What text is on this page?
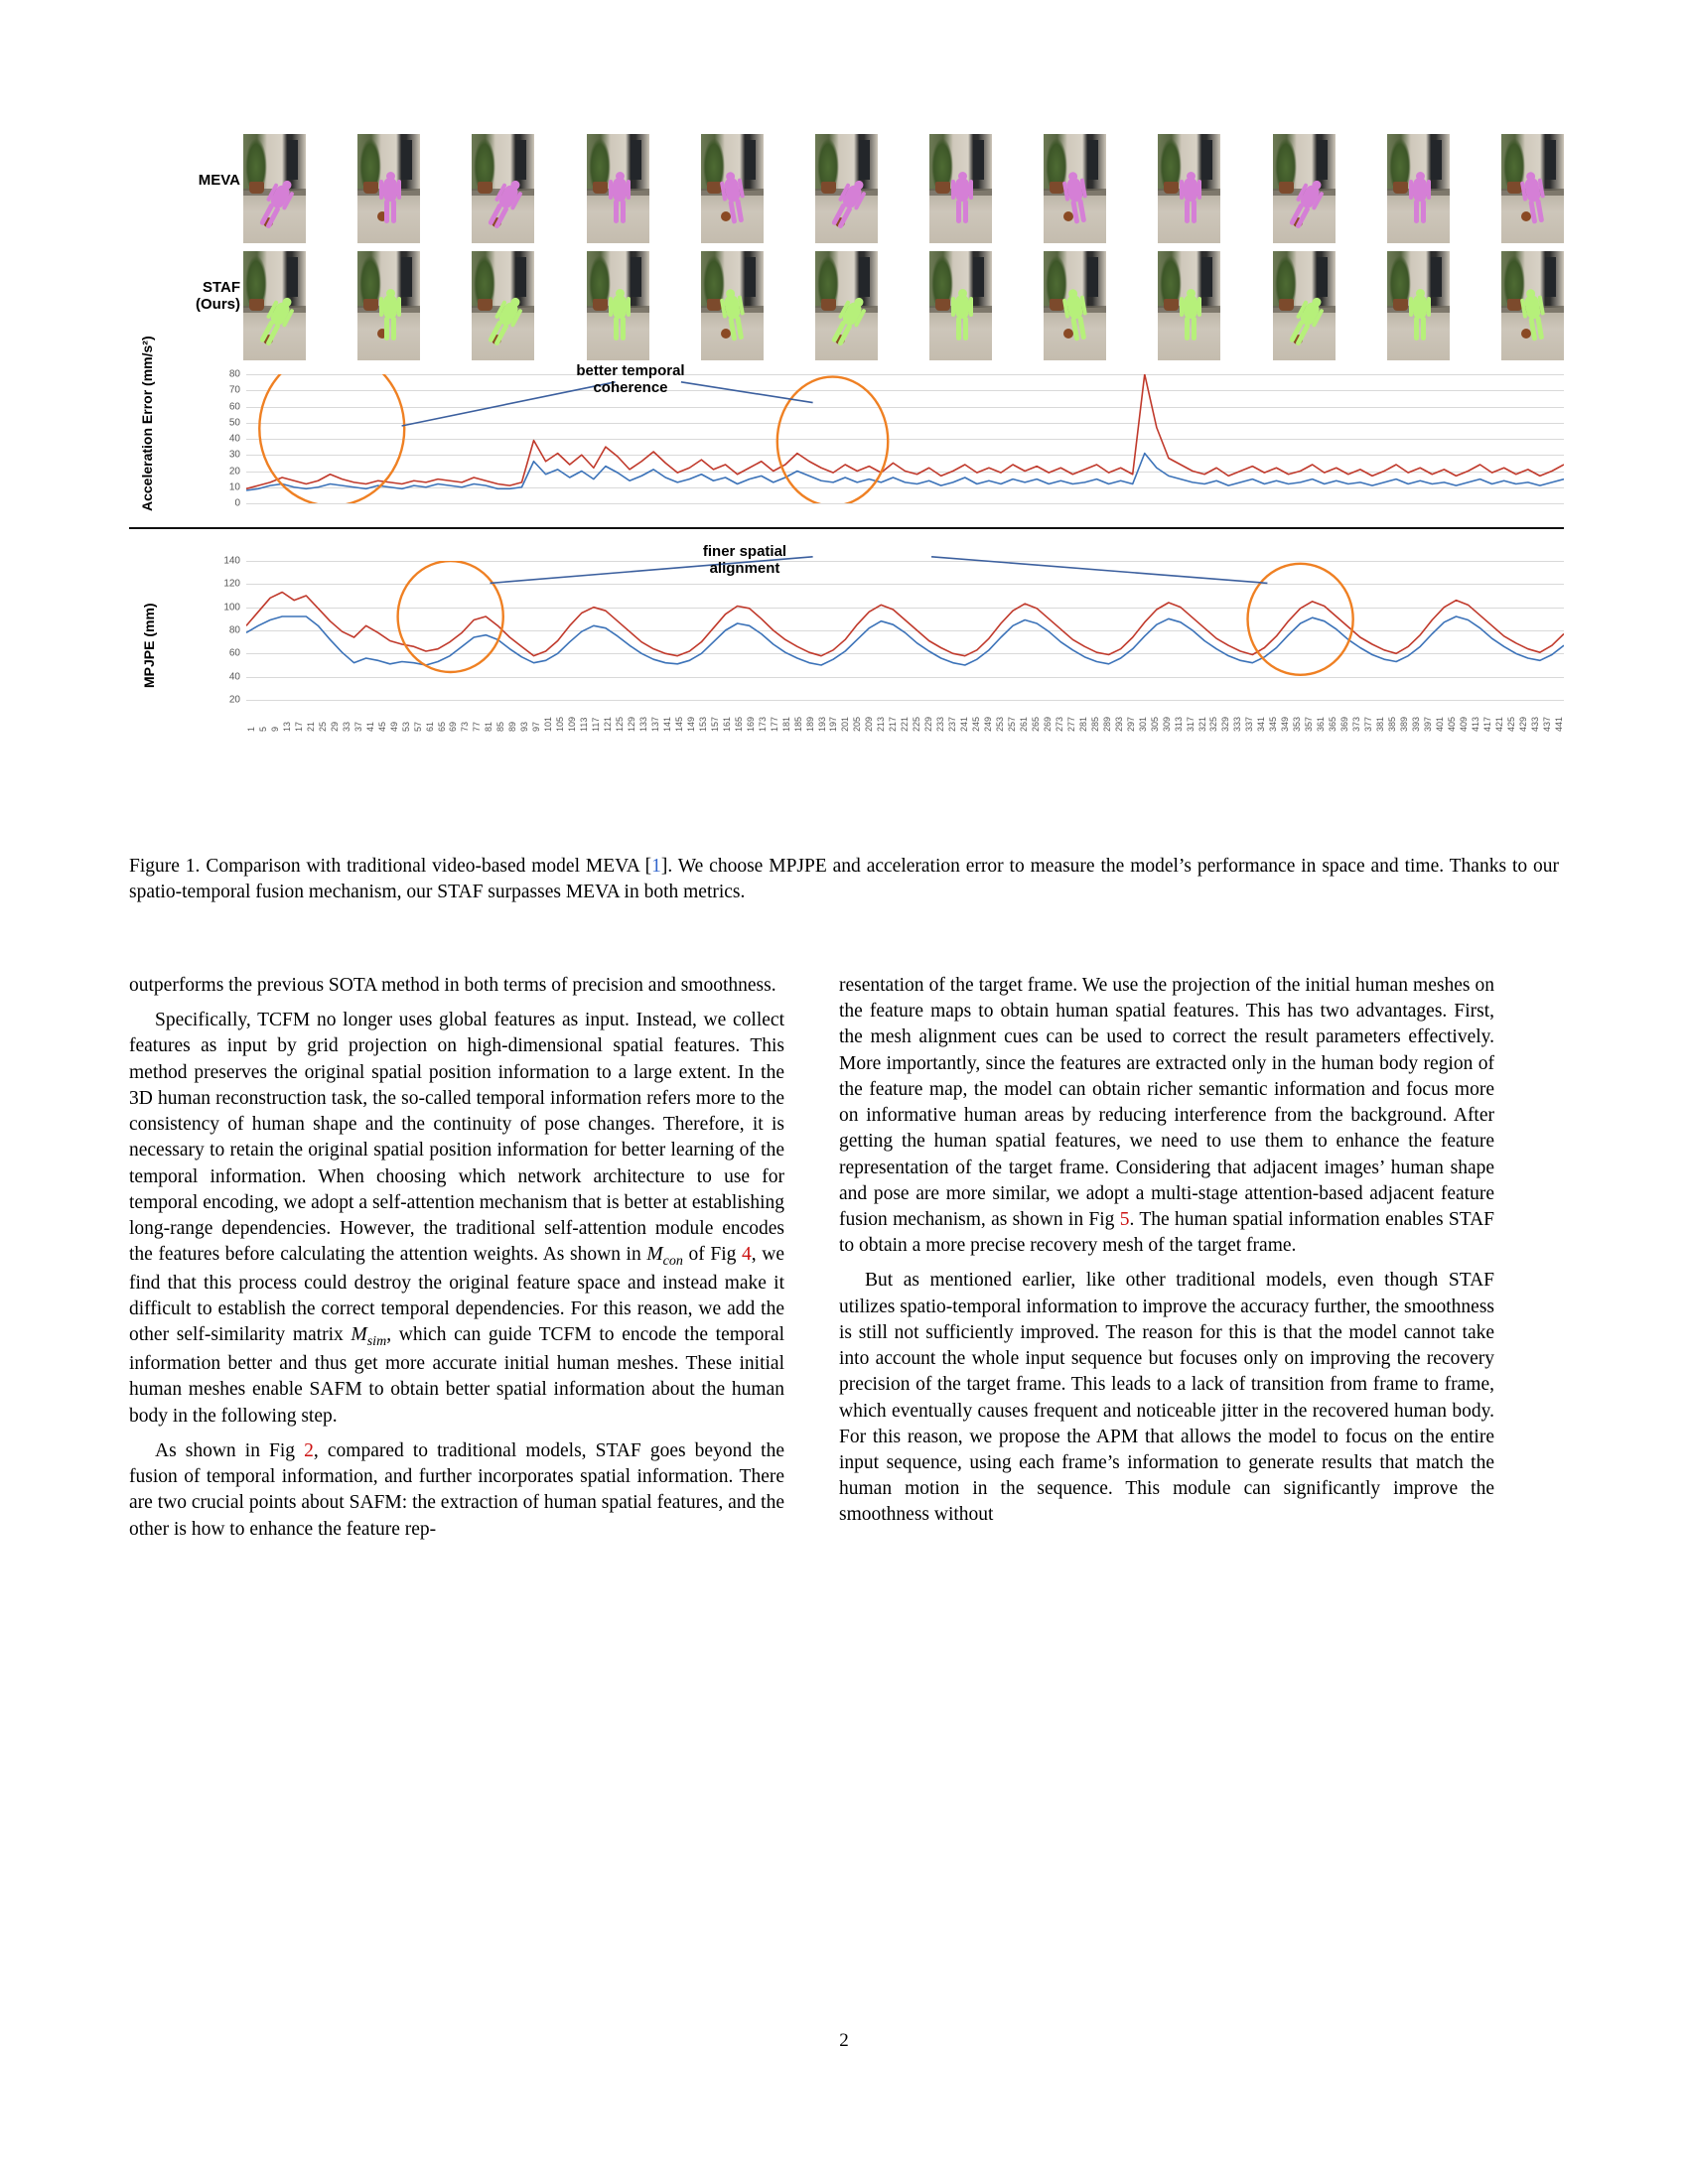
MEVA
STAF
(Ours)
Acceleration Error (mm/s²)	0
10
20
30
40
50
60
70
80	better temporal
coherence
MPJPE (mm)
20
40
60
80
100
120
140
finer spatial
alignment
1 5 9 13 17 21 25 29 33 37 41 45 49 53 57 61 65 69 73 77 81 85 89 93 97 101 105 109 113 117 121 125 129 133 137 141 145 149 153 157 161 165 169 173 177 181 185 189 193 197 201 205 209 213 217 221 225 229 233 237 241 245 249 253 257 261 265 269 273 277 281 285 289 293 297 301 305 309 313 317 321 325 329 333 337 341 345 349 353 357 361 365 369 373 377 381 385 389 393 397 401 405 409 413 417 421 425 429 433 437 441
Figure 1. Comparison with traditional video-based model MEVA [1]. We choose MPJPE and acceleration error to measure the model’s performance in space and time. Thanks to our spatio-temporal fusion mechanism, our STAF surpasses MEVA in both metrics.

outperforms the previous SOTA method in both terms of precision and smoothness.

Specifically, TCFM no longer uses global features as input. Instead, we collect features as input by grid projection on high-dimensional spatial features. This method preserves the original spatial position information to a large extent. In the 3D human reconstruction task, the so-called temporal information refers more to the consistency of human shape and the continuity of pose changes. Therefore, it is necessary to retain the original spatial position information for better learning of the temporal information. When choosing which network architecture to use for temporal encoding, we adopt a self-attention mechanism that is better at establishing long-range dependencies. However, the traditional self-attention module encodes the features before calculating the attention weights. As shown in $M_{con}$ of Fig 4, we find that this process could destroy the original feature space and instead make it difficult to establish the correct temporal dependencies. For this reason, we add the other self-similarity matrix $M_{sim}$, which can guide TCFM to encode the temporal information better and thus get more accurate initial human meshes. These initial human meshes enable SAFM to obtain better spatial information about the human body in the following step.

As shown in Fig 2, compared to traditional models, STAF goes beyond the fusion of temporal information, and further incorporates spatial information. There are two crucial points about SAFM: the extraction of human spatial features, and the other is how to enhance the feature rep-

resentation of the target frame. We use the projection of the initial human meshes on the feature maps to obtain human spatial features. This has two advantages. First, the mesh alignment cues can be used to correct the result parameters effectively. More importantly, since the features are extracted only in the human body region of the feature map, the model can obtain richer semantic information and focus more on informative human areas by reducing interference from the background. After getting the human spatial features, we need to use them to enhance the feature representation of the target frame. Considering that adjacent images’ human shape and pose are more similar, we adopt a multi-stage attention-based adjacent feature fusion mechanism, as shown in Fig 5. The human spatial information enables STAF to obtain a more precise recovery mesh of the target frame.

But as mentioned earlier, like other traditional models, even though STAF utilizes spatio-temporal information to improve the accuracy further, the smoothness is still not sufficiently improved. The reason for this is that the model cannot take into account the whole input sequence but focuses only on improving the recovery precision of the target frame. This leads to a lack of transition from frame to frame, which eventually causes frequent and noticeable jitter in the recovered human body. For this reason, we propose the APM that allows the model to focus on the entire input sequence, using each frame’s information to generate results that match the human motion in the sequence. This module can significantly improve the smoothness without

2
